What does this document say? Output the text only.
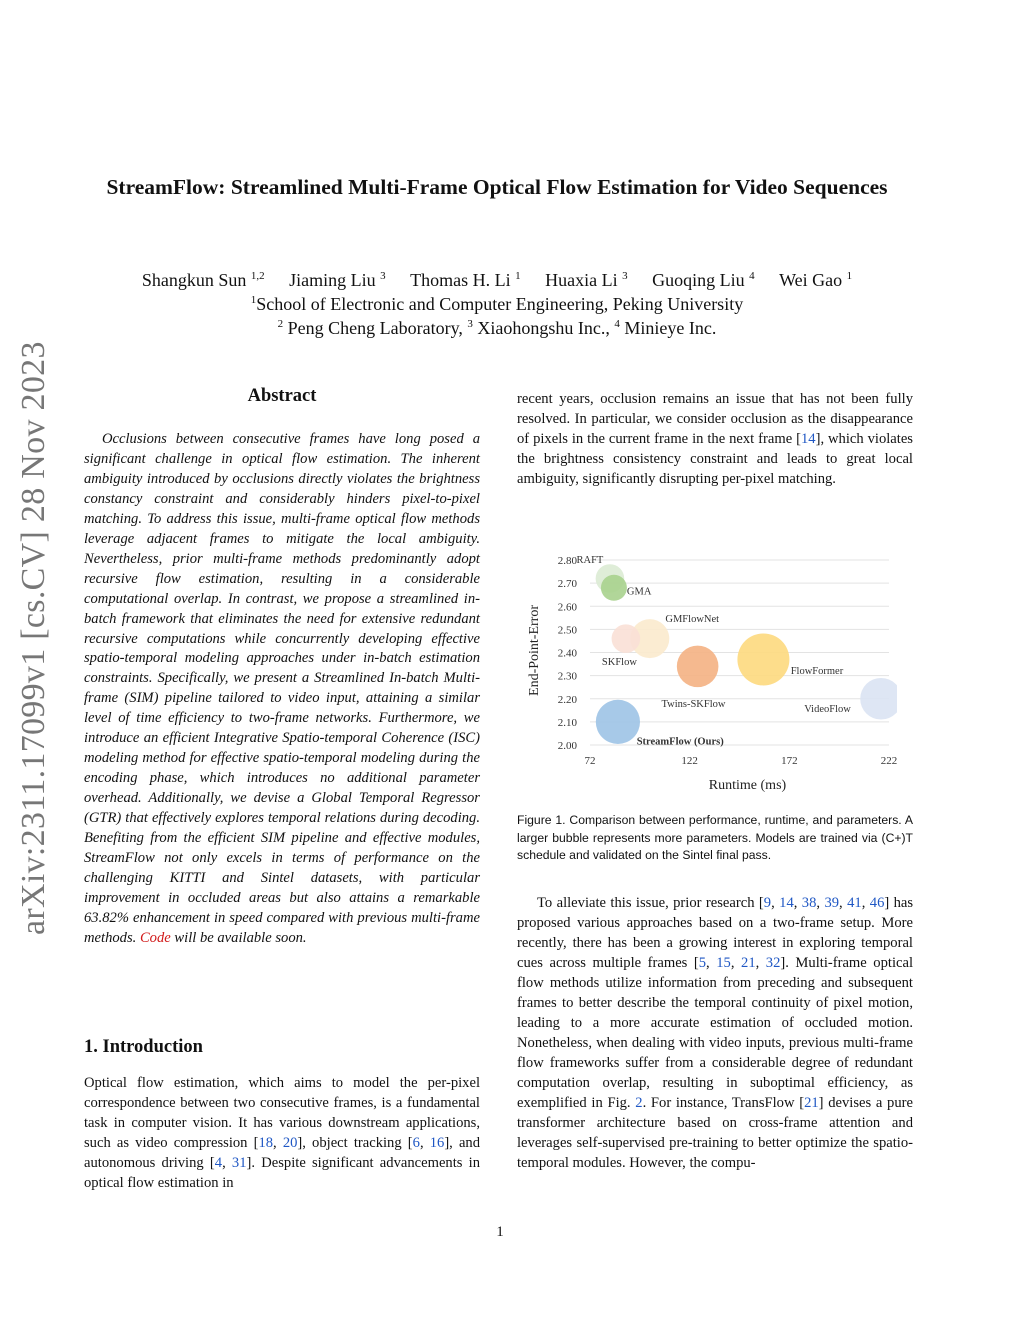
StreamFlow: Streamlined Multi-Frame Optical Flow Estimation for Video Sequences
Shangkun Sun $^{1,2}$ Jiaming Liu $^3$ Thomas H. Li $^1$ Huaxia Li $^3$ Guoqing Liu $^4$ Wei Gao $^1$
$^1$School of Electronic and Computer Engineering, Peking University
$^2$ Peng Cheng Laboratory, $^3$ Xiaohongshu Inc., $^4$ Minieye Inc.
arXiv:2311.17099v1 [cs.CV] 28 Nov 2023	Abstract

Occlusions between consecutive frames have long posed a significant challenge in optical flow estimation. The inherent ambiguity introduced by occlusions directly violates the brightness constancy constraint and considerably hinders pixel-to-pixel matching. To address this issue, multi-frame optical flow methods leverage adjacent frames to mitigate the local ambiguity. Nevertheless, prior multi-frame methods predominantly adopt recursive flow estimation, resulting in a considerable computational overlap. In contrast, we propose a streamlined in-batch framework that eliminates the need for extensive redundant recursive computations while concurrently developing effective spatio-temporal modeling approaches under in-batch estimation constraints. Specifically, we present a Streamlined In-batch Multi-frame (SIM) pipeline tailored to video input, attaining a similar level of time efficiency to two-frame networks. Furthermore, we introduce an efficient Integrative Spatio-temporal Coherence (ISC) modeling method for effective spatio-temporal modeling during the encoding phase, which introduces no additional parameter overhead. Additionally, we devise a Global Temporal Regressor (GTR) that effectively explores temporal relations during decoding. Benefiting from the efficient SIM pipeline and effective modules, StreamFlow not only excels in terms of performance on the challenging KITTI and Sintel datasets, with particular improvement in occluded areas but also attains a remarkable 63.82% enhancement in speed compared with previous multi-frame methods. Code will be available soon.

1. Introduction

Optical flow estimation, which aims to model the per-pixel correspondence between two consecutive frames, is a fundamental task in computer vision. It has various downstream applications, such as video compression [18, 20], object tracking [6, 16], and autonomous driving [4, 31]. Despite significant advancements in optical flow estimation in

recent years, occlusion remains an issue that has not been fully resolved. In particular, we consider occlusion as the disappearance of pixels in the current frame in the next frame [14], which violates the brightness consistency constraint and leads to great local ambiguity, significantly disrupting per-pixel matching.

RAFT
GMA
GMFlowNet
SKFlow
Twins-SKFlow
FlowFormer
VideoFlow
StreamFlow (Ours)
2.00
2.10
2.20
2.30
2.40
2.50
2.60
2.70
2.80
72	122	172	222
Runtime (ms)
End-Point-Error

Figure 1. Comparison between performance, runtime, and parameters. A larger bubble represents more parameters. Models are trained via (C+)T schedule and validated on the Sintel final pass.

To alleviate this issue, prior research [9, 14, 38, 39, 41, 46] has proposed various approaches based on a two-frame setup. More recently, there has been a growing interest in exploring temporal cues across multiple frames [5, 15, 21, 32]. Multi-frame optical flow methods utilize information from preceding and subsequent frames to better describe the temporal continuity of pixel motion, leading to a more accurate estimation of occluded motion. Nonetheless, when dealing with video inputs, previous multi-frame flow frameworks suffer from a considerable degree of redundant computation overlap, resulting in suboptimal efficiency, as exemplified in Fig. 2. For instance, TransFlow [21] devises a pure transformer architecture based on cross-frame attention and leverages self-supervised pre-training to better optimize the spatio-temporal modules. However, the compu-

1
